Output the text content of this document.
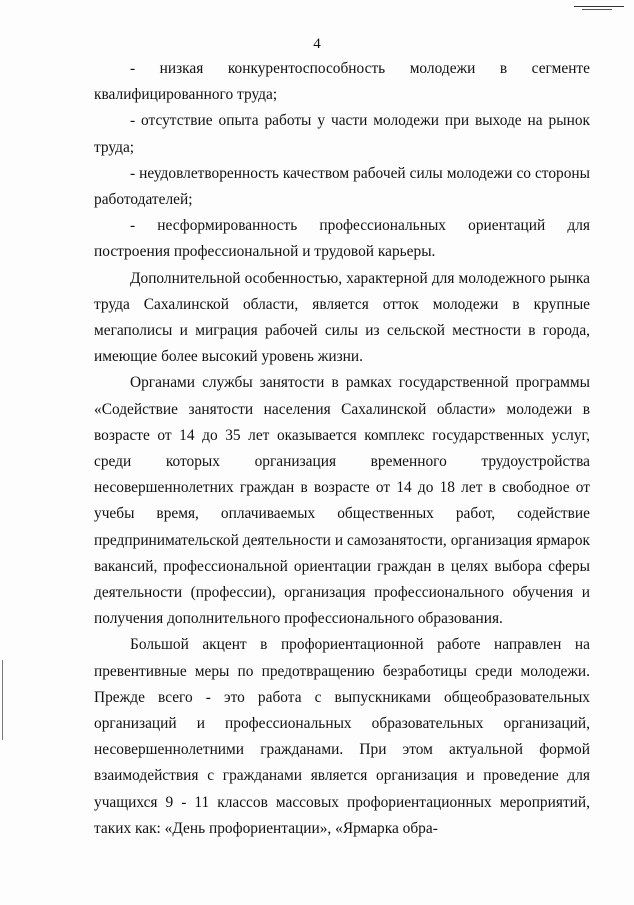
4

- низкая конкурентоспособность молодежи в сегменте квалифицированного труда;

- отсутствие опыта работы у части молодежи при выходе на рынок труда;

- неудовлетворенность качеством рабочей силы молодежи со стороны работодателей;

- несформированность профессиональных ориентаций для построения профессиональной и трудовой карьеры.

Дополнительной особенностью, характерной для молодежного рынка труда Сахалинской области, является отток молодежи в крупные мегаполисы и миграция рабочей силы из сельской местности в города, имеющие более высокий уровень жизни.

Органами службы занятости в рамках государственной программы «Содействие занятости населения Сахалинской области» молодежи в возрасте от 14 до 35 лет оказывается комплекс государственных услуг, среди которых организация временного трудоустройства несовершеннолетних граждан в возрасте от 14 до 18 лет в свободное от учебы время, оплачиваемых общественных работ, содействие предпринимательской деятельности и самозанятости, организация ярмарок вакансий, профессиональной ориентации граждан в целях выбора сферы деятельности (профессии), организация профессионального обучения и получения дополнительного профессионального образования.

Большой акцент в профориентационной работе направлен на превентивные меры по предотвращению безработицы среди молодежи. Прежде всего - это работа с выпускниками общеобразовательных организаций и профессиональных образовательных организаций, несовершеннолетними гражданами. При этом актуальной формой взаимодействия с гражданами является организация и проведение для учащихся 9 - 11 классов массовых профориентационных мероприятий, таких как: «День профориентации», «Ярмарка обра-
